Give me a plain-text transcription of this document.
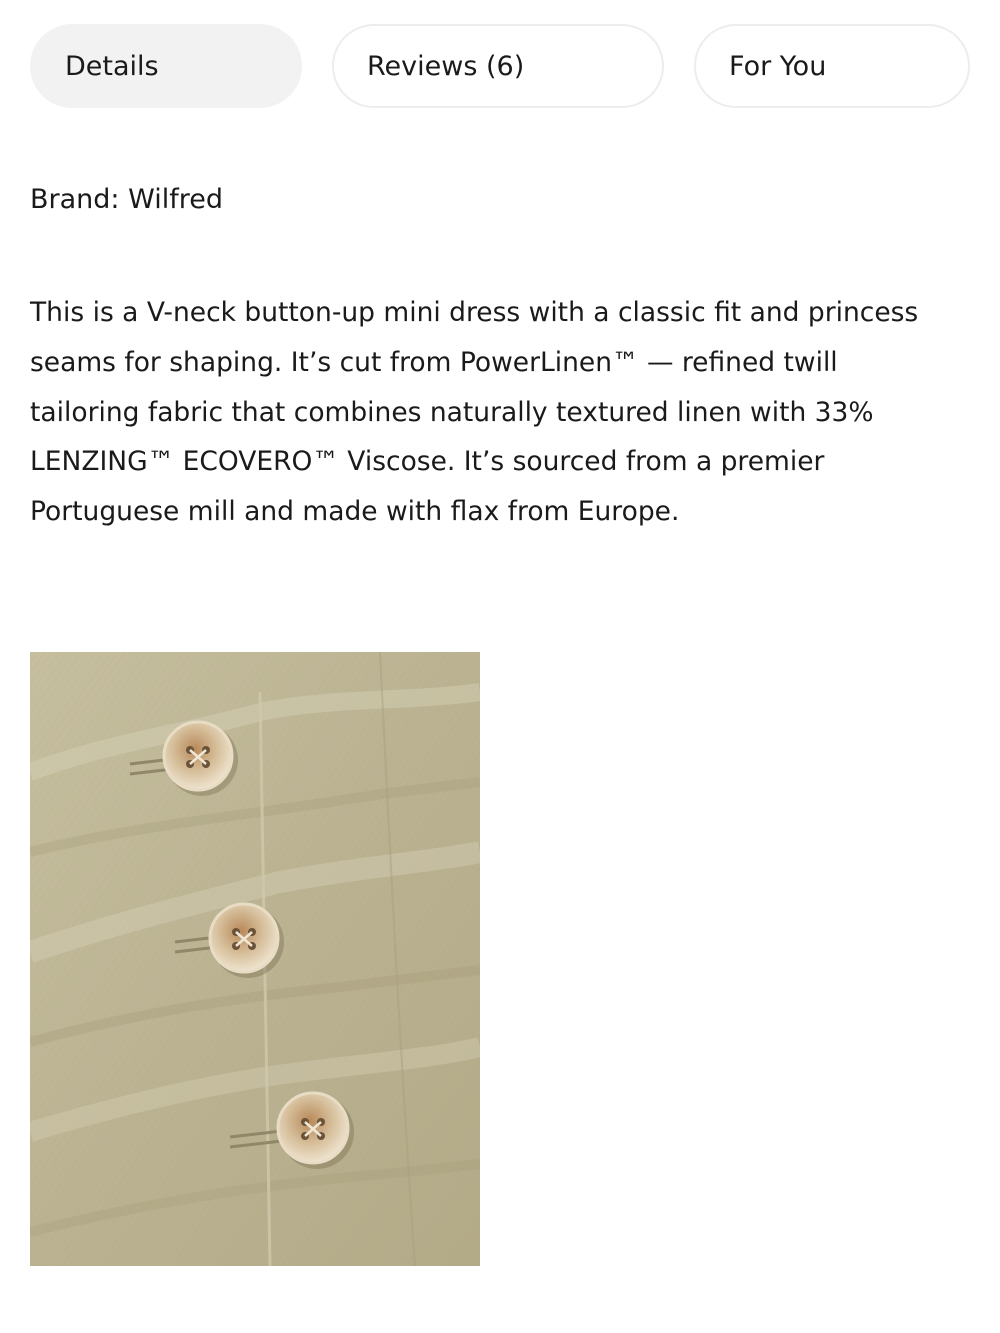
Details	Reviews (6)	For You
Brand: Wilfred

This is a V-neck button-up mini dress with a classic fit and princess
seams for shaping. It’s cut from PowerLinen™ — refined twill
tailoring fabric that combines naturally textured linen with 33%
LENZING™ ECOVERO™ Viscose. It’s sourced from a premier
Portuguese mill and made with flax from Europe.
